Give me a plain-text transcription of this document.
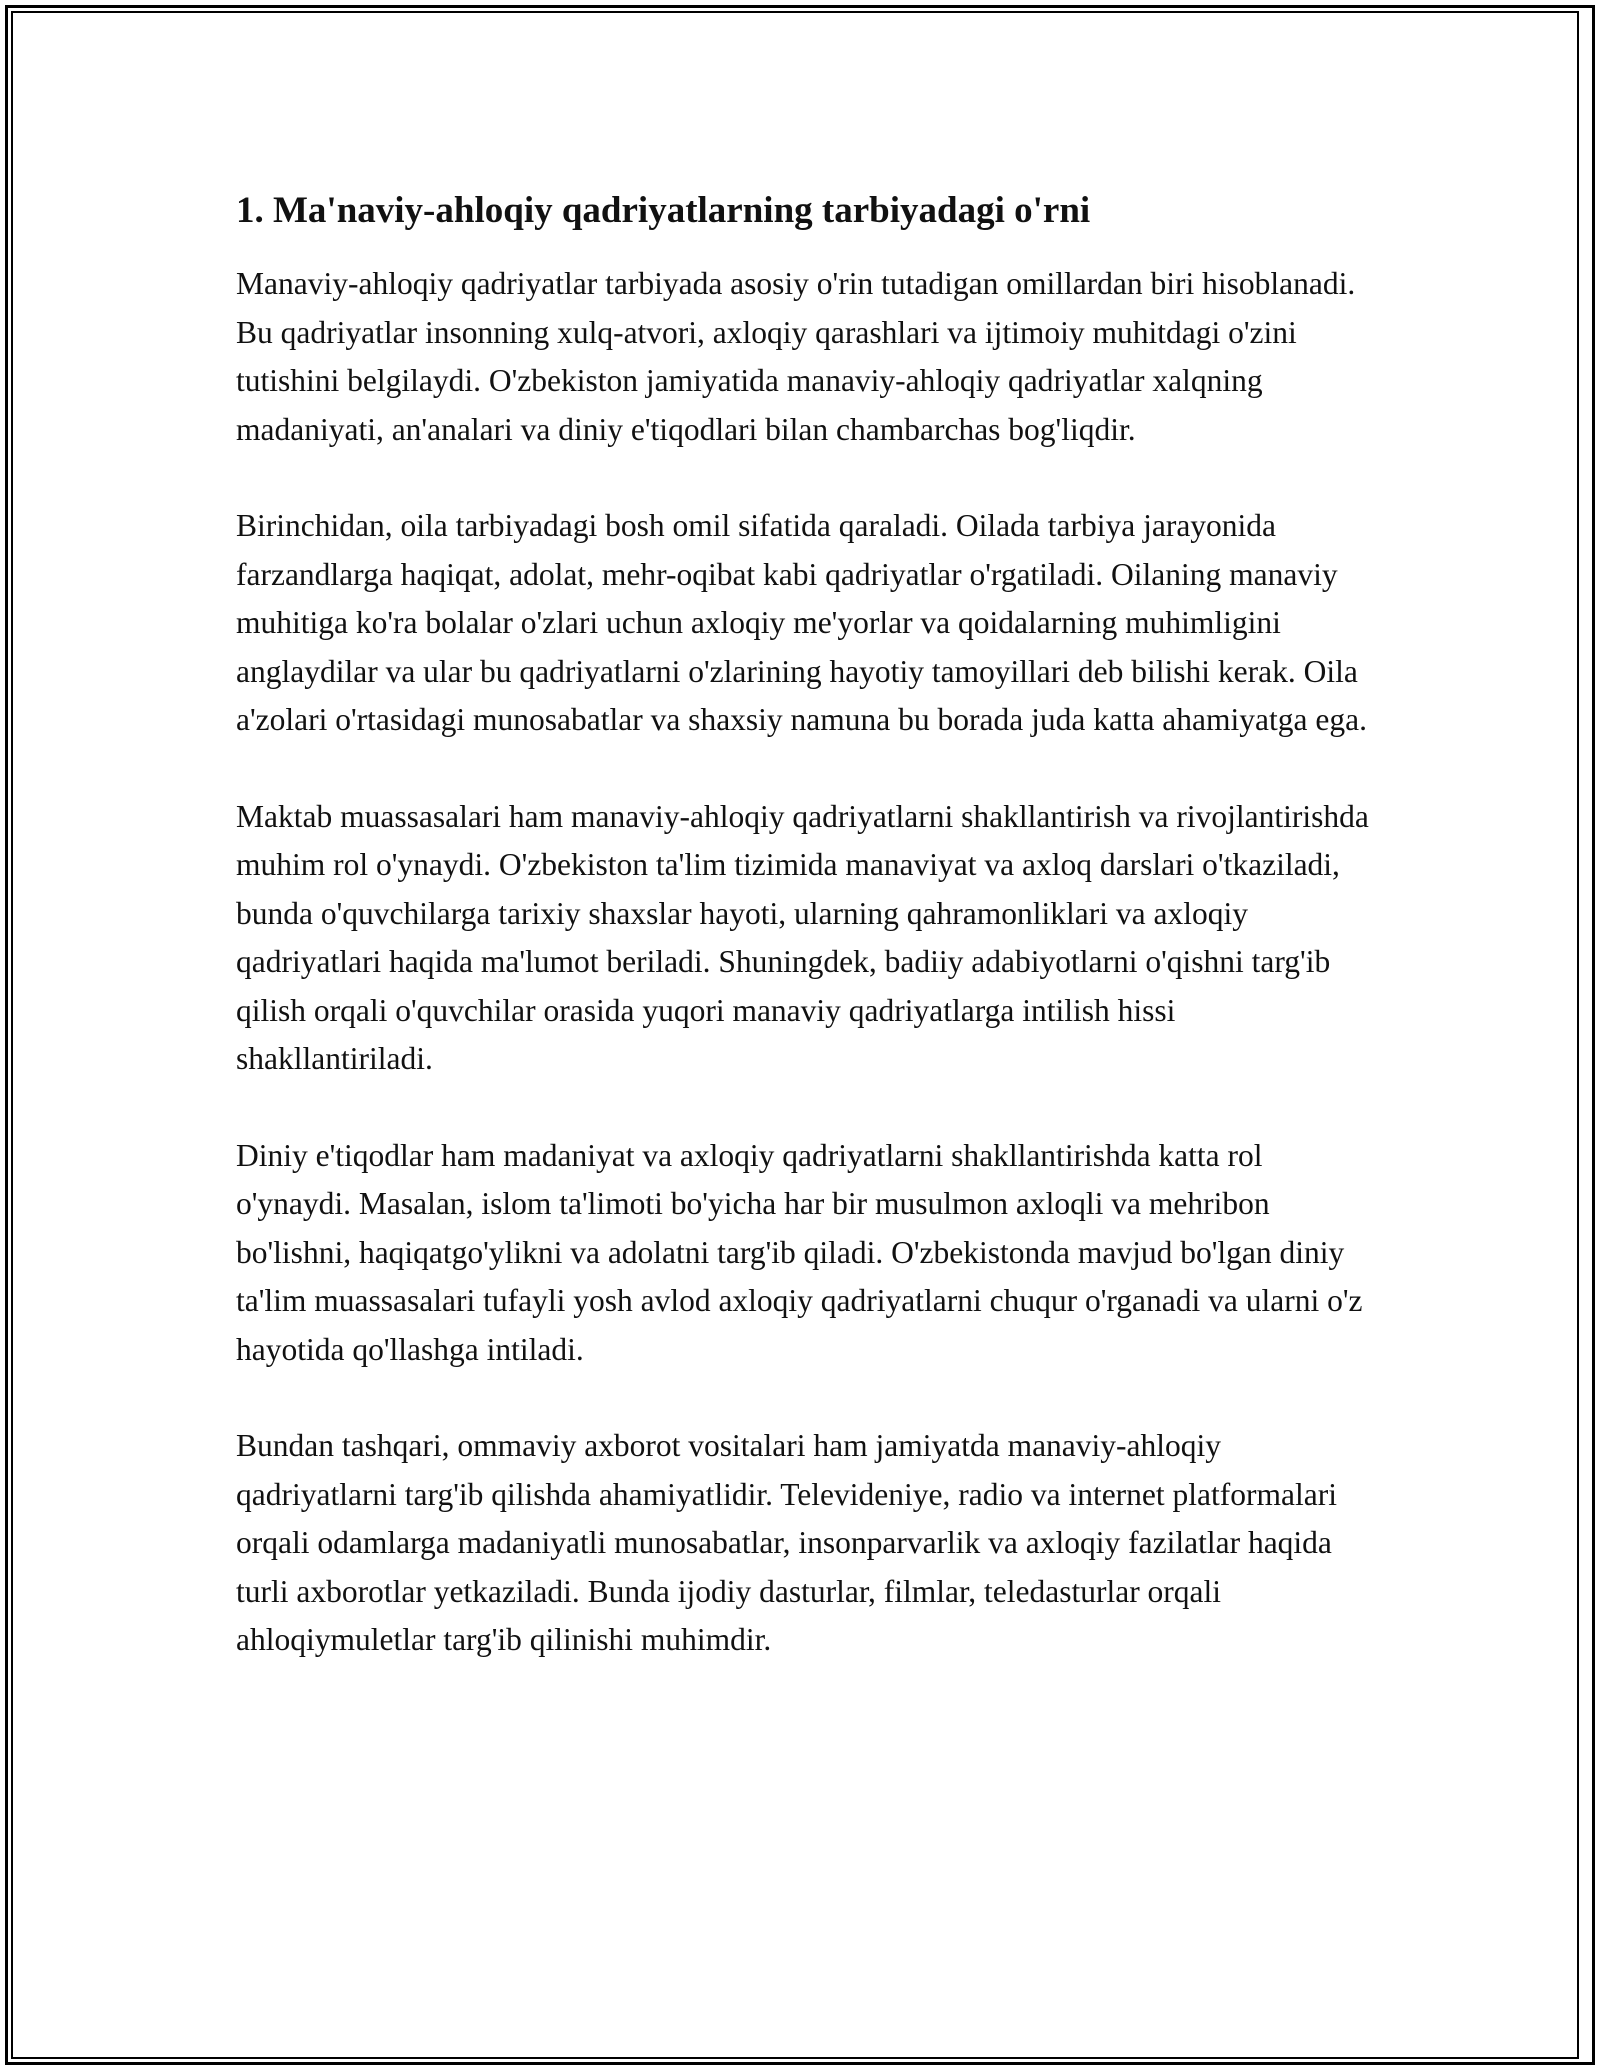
1. Ma'naviy-ahloqiy qadriyatlarning tarbiyadagi o'rni

Manaviy-ahloqiy qadriyatlar tarbiyada asosiy o'rin tutadigan omillardan biri hisoblanadi. Bu qadriyatlar insonning xulq-atvori, axloqiy qarashlari va ijtimoiy muhitdagi o'zini tutishini belgilaydi. O'zbekiston jamiyatida manaviy-ahloqiy qadriyatlar xalqning madaniyati, an'analari va diniy e'tiqodlari bilan chambarchas bog'liqdir.

Birinchidan, oila tarbiyadagi bosh omil sifatida qaraladi. Oilada tarbiya jarayonida farzandlarga haqiqat, adolat, mehr-oqibat kabi qadriyatlar o'rgatiladi. Oilaning manaviy muhitiga ko'ra bolalar o'zlari uchun axloqiy me'yorlar va qoidalarning muhimligini anglaydilar va ular bu qadriyatlarni o'zlarining hayotiy tamoyillari deb bilishi kerak. Oila a'zolari o'rtasidagi munosabatlar va shaxsiy namuna bu borada juda katta ahamiyatga ega.

Maktab muassasalari ham manaviy-ahloqiy qadriyatlarni shakllantirish va rivojlantirishda muhim rol o'ynaydi. O'zbekiston ta'lim tizimida manaviyat va axloq darslari o'tkaziladi, bunda o'quvchilarga tarixiy shaxslar hayoti, ularning qahramonliklari va axloqiy qadriyatlari haqida ma'lumot beriladi. Shuningdek, badiiy adabiyotlarni o'qishni targ'ib qilish orqali o'quvchilar orasida yuqori manaviy qadriyatlarga intilish hissi shakllantiriladi.

Diniy e'tiqodlar ham madaniyat va axloqiy qadriyatlarni shakllantirishda katta rol o'ynaydi. Masalan, islom ta'limoti bo'yicha har bir musulmon axloqli va mehribon bo'lishni, haqiqatgo'ylikni va adolatni targ'ib qiladi. O'zbekistonda mavjud bo'lgan diniy ta'lim muassasalari tufayli yosh avlod axloqiy qadriyatlarni chuqur o'rganadi va ularni o'z hayotida qo'llashga intiladi.

Bundan tashqari, ommaviy axborot vositalari ham jamiyatda manaviy-ahloqiy qadriyatlarni targ'ib qilishda ahamiyatlidir. Televideniye, radio va internet platformalari orqali odamlarga madaniyatli munosabatlar, insonparvarlik va axloqiy fazilatlar haqida turli axborotlar yetkaziladi. Bunda ijodiy dasturlar, filmlar, teledasturlar orqali ahloqiymuletlar targ'ib qilinishi muhimdir.
